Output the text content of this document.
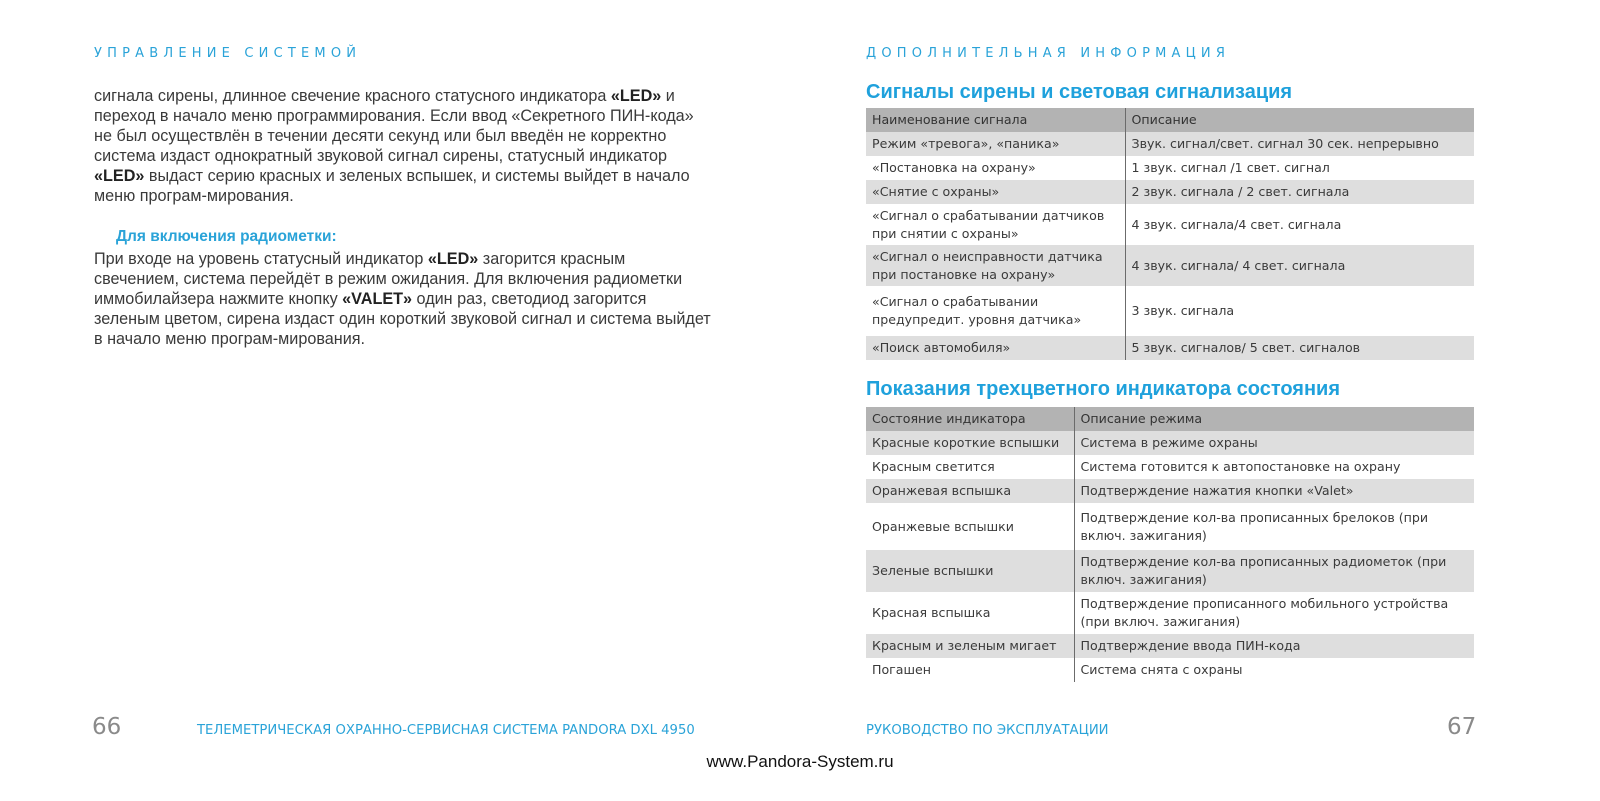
УПРАВЛЕНИЕ СИСТЕМОЙ
сигнала сирены, длинное свечение красного статусного индикатора «LED» и переход в начало меню программирования. Если ввод «Секретного ПИН-кода» не был осуществлён в течении десяти секунд или был введён не корректно система издаст однократный звуковой сигнал сирены, статусный индикатор «LED» выдаст серию красных и зеленых вспышек, и системы выйдет в начало меню програм-мирования.
Для включения радиометки:
При входе на уровень статусный индикатор «LED» загорится красным свечением, система перейдёт в режим ожидания. Для включения радиометки иммобилайзера нажмите кнопку «VALET» один раз, светодиод загорится зеленым цветом, сирена издаст один короткий звуковой сигнал и система выйдет в начало меню програм-мирования.
66	ТЕЛЕМЕТРИЧЕСКАЯ ОХРАННО-СЕРВИСНАЯ СИСТЕМА PANDORA DXL 4950
ДОПОЛНИТЕЛЬНАЯ ИНФОРМАЦИЯ
Сигналы сирены и световая сигнализация
Наименование сигнала	Описание
Режим «тревога», «паника»	Звук. сигнал/свет. сигнал 30 сек. непрерывно
«Постановка на охрану»	1 звук. сигнал /1 свет. сигнал
«Снятие с охраны»	2 звук. сигнала / 2 свет. сигнала
«Сигнал о срабатывании датчиков при снятии с охраны»	4 звук. сигнала/4 свет. сигнала
«Сигнал о неисправности датчика при постановке на охрану»	4 звук. сигнала/ 4 свет. сигнала
«Сигнал о срабатывании предупредит. уровня датчика»	3 звук. сигнала
«Поиск автомобиля»	5 звук. сигналов/ 5 свет. сигналов
Показания трехцветного индикатора состояния
Состояние индикатора	Описание режима
Красные короткие вспышки	Система в режиме охраны
Красным светится	Система готовится к автопостановке на охрану
Оранжевая вспышка	Подтверждение нажатия кнопки «Valet»
Оранжевые вспышки	Подтверждение кол-ва прописанных брелоков (при включ. зажигания)
Зеленые вспышки	Подтверждение кол-ва прописанных радиометок (при включ. зажигания)
Красная вспышка	Подтверждение прописанного мобильного устройства (при включ. зажигания)
Красным и зеленым мигает	Подтверждение ввода ПИН-кода
Погашен	Система снята с охраны
РУКОВОДСТВО ПО ЭКСПЛУАТАЦИИ	67
www.Pandora-System.ru
